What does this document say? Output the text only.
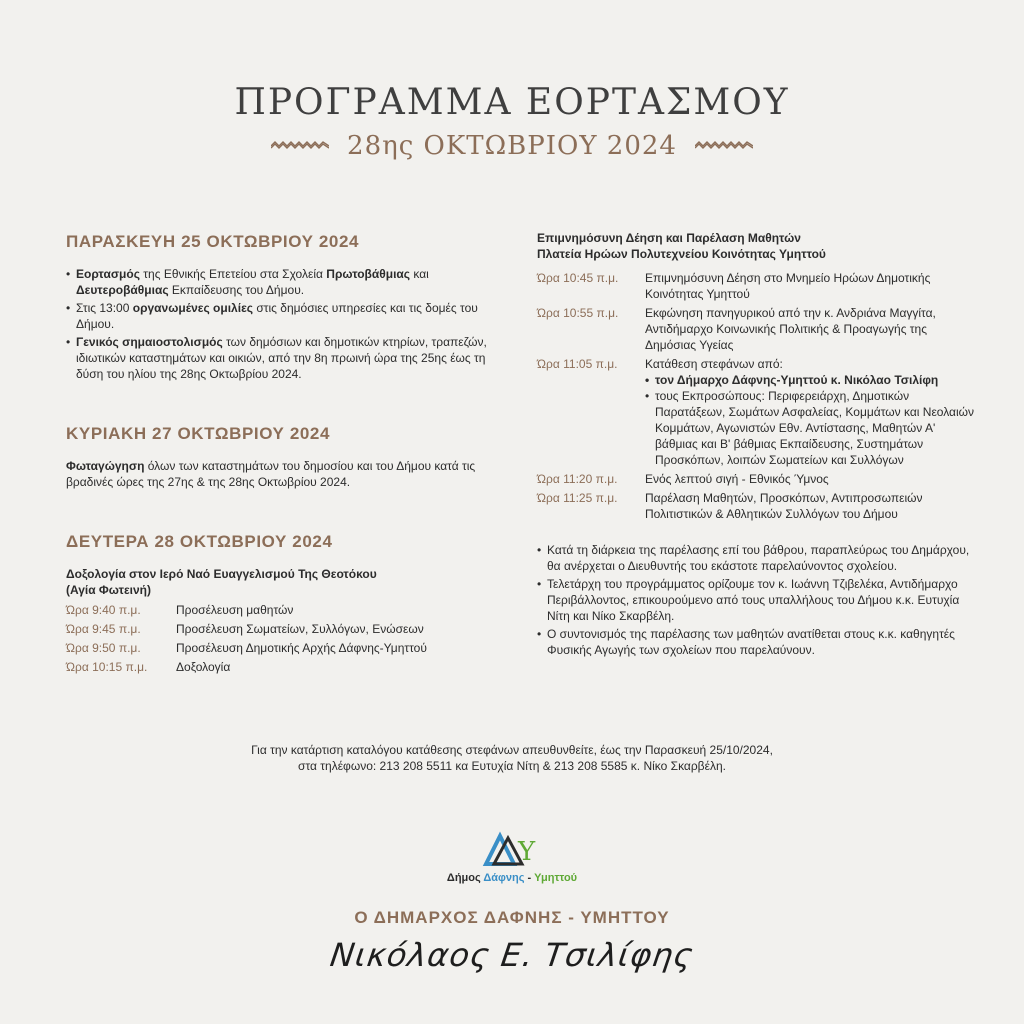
ΠΡΟΓΡΑΜΜΑ ΕΟΡΤΑΣΜΟΥ
28ης ΟΚΤΩΒΡΙΟΥ 2024
ΠΑΡΑΣΚΕΥΗ 25 ΟΚΤΩΒΡΙΟΥ 2024
• Εορτασμός της Εθνικής Επετείου στα Σχολεία Πρωτοβάθμιας και Δευτεροβάθμιας Εκπαίδευσης του Δήμου.
• Στις 13:00 οργανωμένες ομιλίες στις δημόσιες υπηρεσίες και τις δομές του Δήμου.
• Γενικός σημαιοστολισμός των δημόσιων και δημοτικών κτηρίων, τραπεζών, ιδιωτικών καταστημάτων και οικιών, από την 8η πρωινή ώρα της 25ης έως τη δύση του ηλίου της 28ης Οκτωβρίου 2024.
ΚΥΡΙΑΚΗ 27 ΟΚΤΩΒΡΙΟΥ 2024

Φωταγώγηση όλων των καταστημάτων του δημοσίου και του Δήμου κατά τις βραδινές ώρες της 27ης & της 28ης Οκτωβρίου 2024.

ΔΕΥΤΕΡΑ 28 ΟΚΤΩΒΡΙΟΥ 2024
Δοξολογία στον Ιερό Ναό Ευαγγελισμού Της Θεοτόκου
(Αγία Φωτεινή)
Ώρα 9:40 π.μ.	Προσέλευση μαθητών
Ώρα 9:45 π.μ.	Προσέλευση Σωματείων, Συλλόγων, Ενώσεων
Ώρα 9:50 π.μ.	Προσέλευση Δημοτικής Αρχής Δάφνης-Υμηττού
Ώρα 10:15 π.μ.	Δοξολογία
Επιμνημόσυνη Δέηση και Παρέλαση Μαθητών
Πλατεία Ηρώων Πολυτεχνείου Κοινότητας Υμηττού
Ώρα 10:45 π.μ.	Επιμνημόσυνη Δέηση στο Μνημείο Ηρώων Δημοτικής Κοινότητας Υμηττού
Ώρα 10:55 π.μ.	Εκφώνηση πανηγυρικού από την κ. Ανδριάνα Μαγγίτα, Αντιδήμαρχο Κοινωνικής Πολιτικής & Προαγωγής της Δημόσιας Υγείας
Ώρα 11:05 π.μ.	Κατάθεση στεφάνων από:
• τον Δήμαρχο Δάφνης-Υμηττού κ. Νικόλαο Τσιλίφη
• τους Εκπροσώπους: Περιφερειάρχη, Δημοτικών Παρατάξεων, Σωμάτων Ασφαλείας, Κομμάτων και Νεολαιών Κομμάτων, Αγωνιστών Εθν. Αντίστασης, Μαθητών Α' βάθμιας και Β' βάθμιας Εκπαίδευσης, Συστημάτων Προσκόπων, λοιπών Σωματείων και Συλλόγων
Ώρα 11:20 π.μ.	Ενός λεπτού σιγή - Εθνικός Ύμνος
Ώρα 11:25 π.μ.	Παρέλαση Μαθητών, Προσκόπων, Αντιπροσωπειών Πολιτιστικών & Αθλητικών Συλλόγων του Δήμου
• Κατά τη διάρκεια της παρέλασης επί του βάθρου, παραπλεύρως του Δημάρχου, θα ανέρχεται ο Διευθυντής του εκάστοτε παρελαύνοντος σχολείου.
• Τελετάρχη του προγράμματος ορίζουμε τον κ. Ιωάννη Τζιβελέκα, Αντιδήμαρχο Περιβάλλοντος, επικουρούμενο από τους υπαλλήλους του Δήμου κ.κ. Ευτυχία Νίτη και Νίκο Σκαρβέλη.
• Ο συντονισμός της παρέλασης των μαθητών ανατίθεται στους κ.κ. καθηγητές Φυσικής Αγωγής των σχολείων που παρελαύνουν.
Για την κατάρτιση καταλόγου κατάθεσης στεφάνων απευθυνθείτε, έως την Παρασκευή 25/10/2024,
στα τηλέφωνο: 213 208 5511 κα Ευτυχία Νίτη & 213 208 5585 κ. Νίκο Σκαρβέλη.
Y
Δήμος Δάφνης - Υμηττού
Ο ΔΗΜΑΡΧΟΣ ΔΑΦΝΗΣ - ΥΜΗΤΤΟΥ
Νικόλαος Ε. Τσιλίφης
